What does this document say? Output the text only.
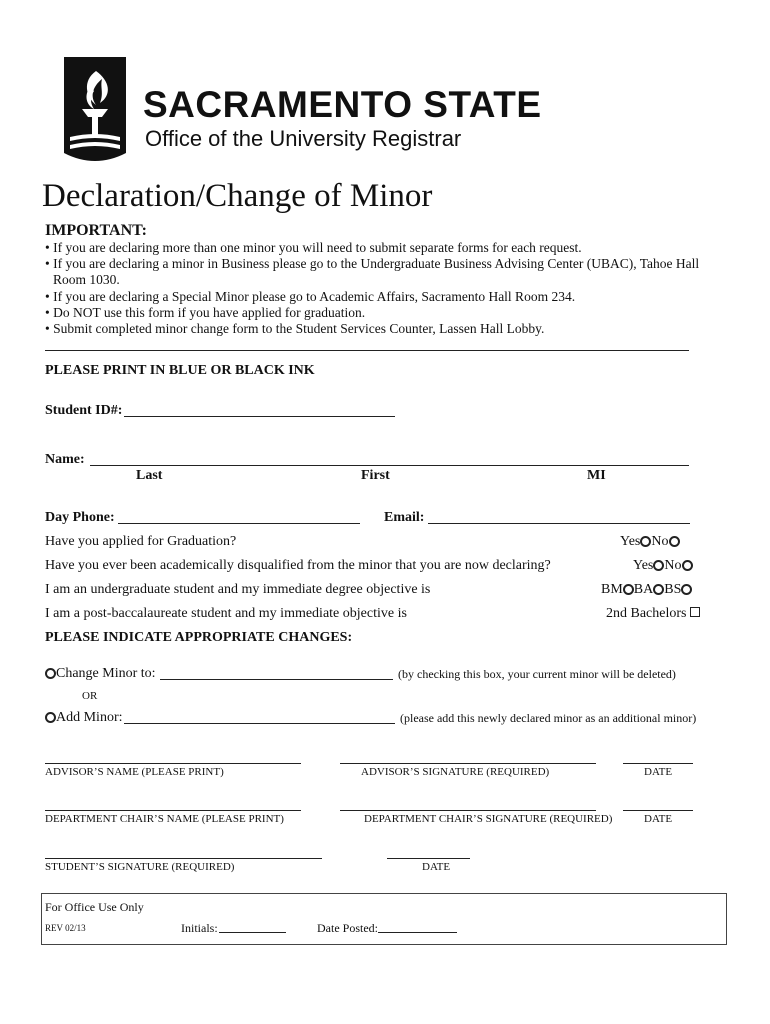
SACRAMENTO STATE
Office of the University Registrar
Declaration/Change of Minor
IMPORTANT:
• If you are declaring more than one minor you will need to submit separate forms for each request.
• If you are declaring a minor in Business please go to the Undergraduate Business Advising Center (UBAC), Tahoe Hall
Room 1030.
• If you are declaring a Special Minor please go to Academic Affairs, Sacramento Hall Room 234.
• Do NOT use this form if you have applied for graduation.
• Submit completed minor change form to the Student Services Counter, Lassen Hall Lobby.
PLEASE PRINT IN BLUE OR BLACK INK
Student ID#:
Name:
Last	First	MI
Day Phone:	Email:
Have you applied for Graduation?	Yes No
Have you ever been academically disqualified from the minor that you are now declaring?	Yes No
I am an undergraduate student and my immediate degree objective is	BM BA BS
I am a post-baccalaureate student and my immediate objective is	2nd Bachelors
PLEASE INDICATE APPROPRIATE CHANGES:
Change Minor to:	(by checking this box, your current minor will be deleted)
OR
Add Minor:	(please add this newly declared minor as an additional minor)
ADVISOR’S NAME (PLEASE PRINT)	ADVISOR’S SIGNATURE (REQUIRED)	DATE
DEPARTMENT CHAIR’S NAME (PLEASE PRINT)	DEPARTMENT CHAIR’S SIGNATURE (REQUIRED)	DATE
STUDENT’S SIGNATURE (REQUIRED)	DATE
For Office Use Only
REV 02/13	Initials:	Date Posted:
